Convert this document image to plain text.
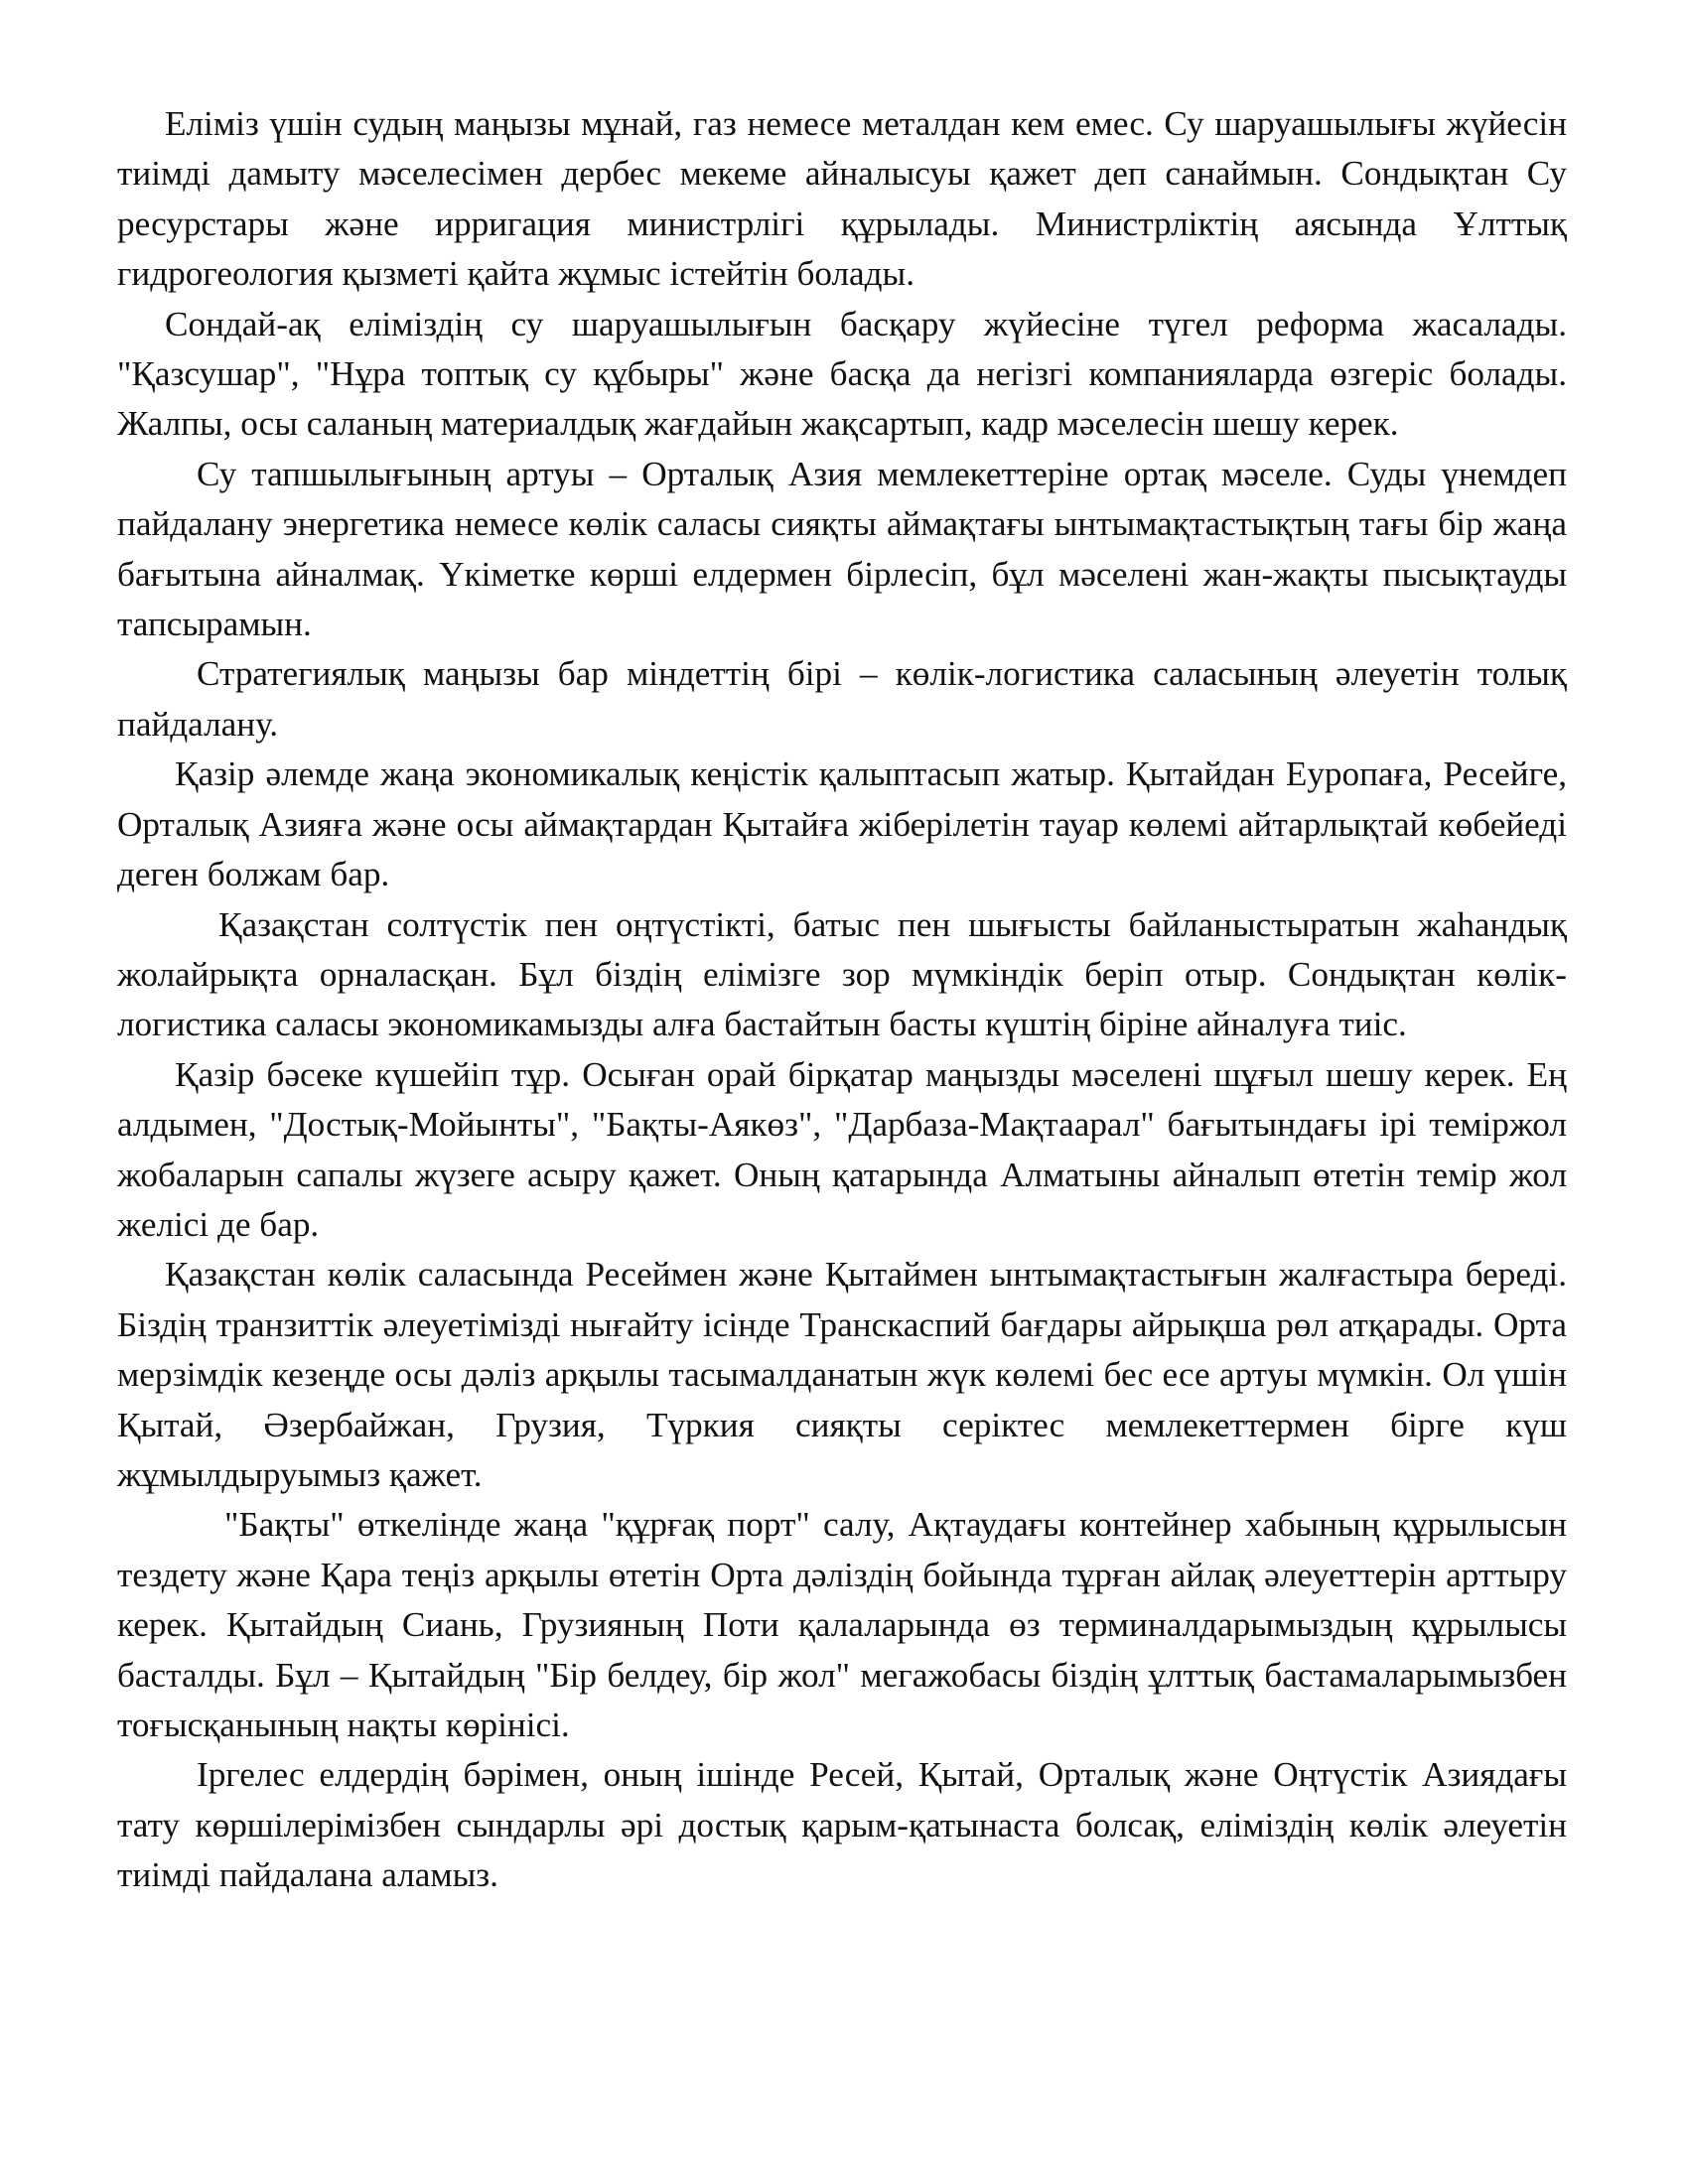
Еліміз үшін судың маңызы мұнай, газ немесе металдан кем емес. Су шаруашылығы жүйесін тиімді дамыту мәселесімен дербес мекеме айналысуы қажет деп санаймын. Сондықтан Су ресурстары және ирригация министрлігі құрылады. Министрліктің аясында Ұлттық гидрогеология қызметі қайта жұмыс істейтін болады.

Сондай-ақ еліміздің су шаруашылығын басқару жүйесіне түгел реформа жасалады. "Қазсушар", "Нұра топтық су құбыры" және басқа да негізгі компанияларда өзгеріс болады. Жалпы, осы саланың материалдық жағдайын жақсартып, кадр мәселесін шешу керек.

Су тапшылығының артуы – Орталық Азия мемлекеттеріне ортақ мәселе. Суды үнемдеп пайдалану энергетика немесе көлік саласы сияқты аймақтағы ынтымақтастықтың тағы бір жаңа бағытына айналмақ. Үкіметке көрші елдермен бірлесіп, бұл мәселені жан-жақты пысықтауды тапсырамын.

Стратегиялық маңызы бар міндеттің бірі – көлік-логистика саласының әлеуетін толық пайдалану.

Қазір әлемде жаңа экономикалық кеңістік қалыптасып жатыр. Қытайдан Еуропаға, Ресейге, Орталық Азияға және осы аймақтардан Қытайға жіберілетін тауар көлемі айтарлықтай көбейеді деген болжам бар.

Қазақстан солтүстік пен оңтүстікті, батыс пен шығысты байланыстыратын жаһандық жолайрықта орналасқан. Бұл біздің елімізге зор мүмкіндік беріп отыр. Сондықтан көлік-логистика саласы экономикамызды алға бастайтын басты күштің біріне айналуға тиіс.

Қазір бәсеке күшейіп тұр. Осыған орай бірқатар маңызды мәселені шұғыл шешу керек. Ең алдымен, "Достық-Мойынты", "Бақты-Аякөз", "Дарбаза-Мақтаарал" бағытындағы ірі теміржол жобаларын сапалы жүзеге асыру қажет. Оның қатарында Алматыны айналып өтетін темір жол желісі де бар.

Қазақстан көлік саласында Ресеймен және Қытаймен ынтымақтастығын жалғастыра береді. Біздің транзиттік әлеуетімізді нығайту ісінде Транскаспий бағдары айрықша рөл атқарады. Орта мерзімдік кезеңде осы дәліз арқылы тасымалданатын жүк көлемі бес есе артуы мүмкін. Ол үшін Қытай, Әзербайжан, Грузия, Түркия сияқты серіктес мемлекеттермен бірге күш жұмылдыруымыз қажет.

"Бақты" өткелінде жаңа "құрғақ порт" салу, Ақтаудағы контейнер хабының құрылысын тездету және Қара теңіз арқылы өтетін Орта дәліздің бойында тұрған айлақ әлеуеттерін арттыру керек. Қытайдың Сиань, Грузияның Поти қалаларында өз терминалдарымыздың құрылысы басталды. Бұл – Қытайдың "Бір белдеу, бір жол" мегажобасы біздің ұлттық бастамаларымызбен тоғысқанының нақты көрінісі.

Іргелес елдердің бәрімен, оның ішінде Ресей, Қытай, Орталық және Оңтүстік Азиядағы тату көршілерімізбен сындарлы әрі достық қарым-қатынаста болсақ, еліміздің көлік әлеуетін тиімді пайдалана аламыз.
